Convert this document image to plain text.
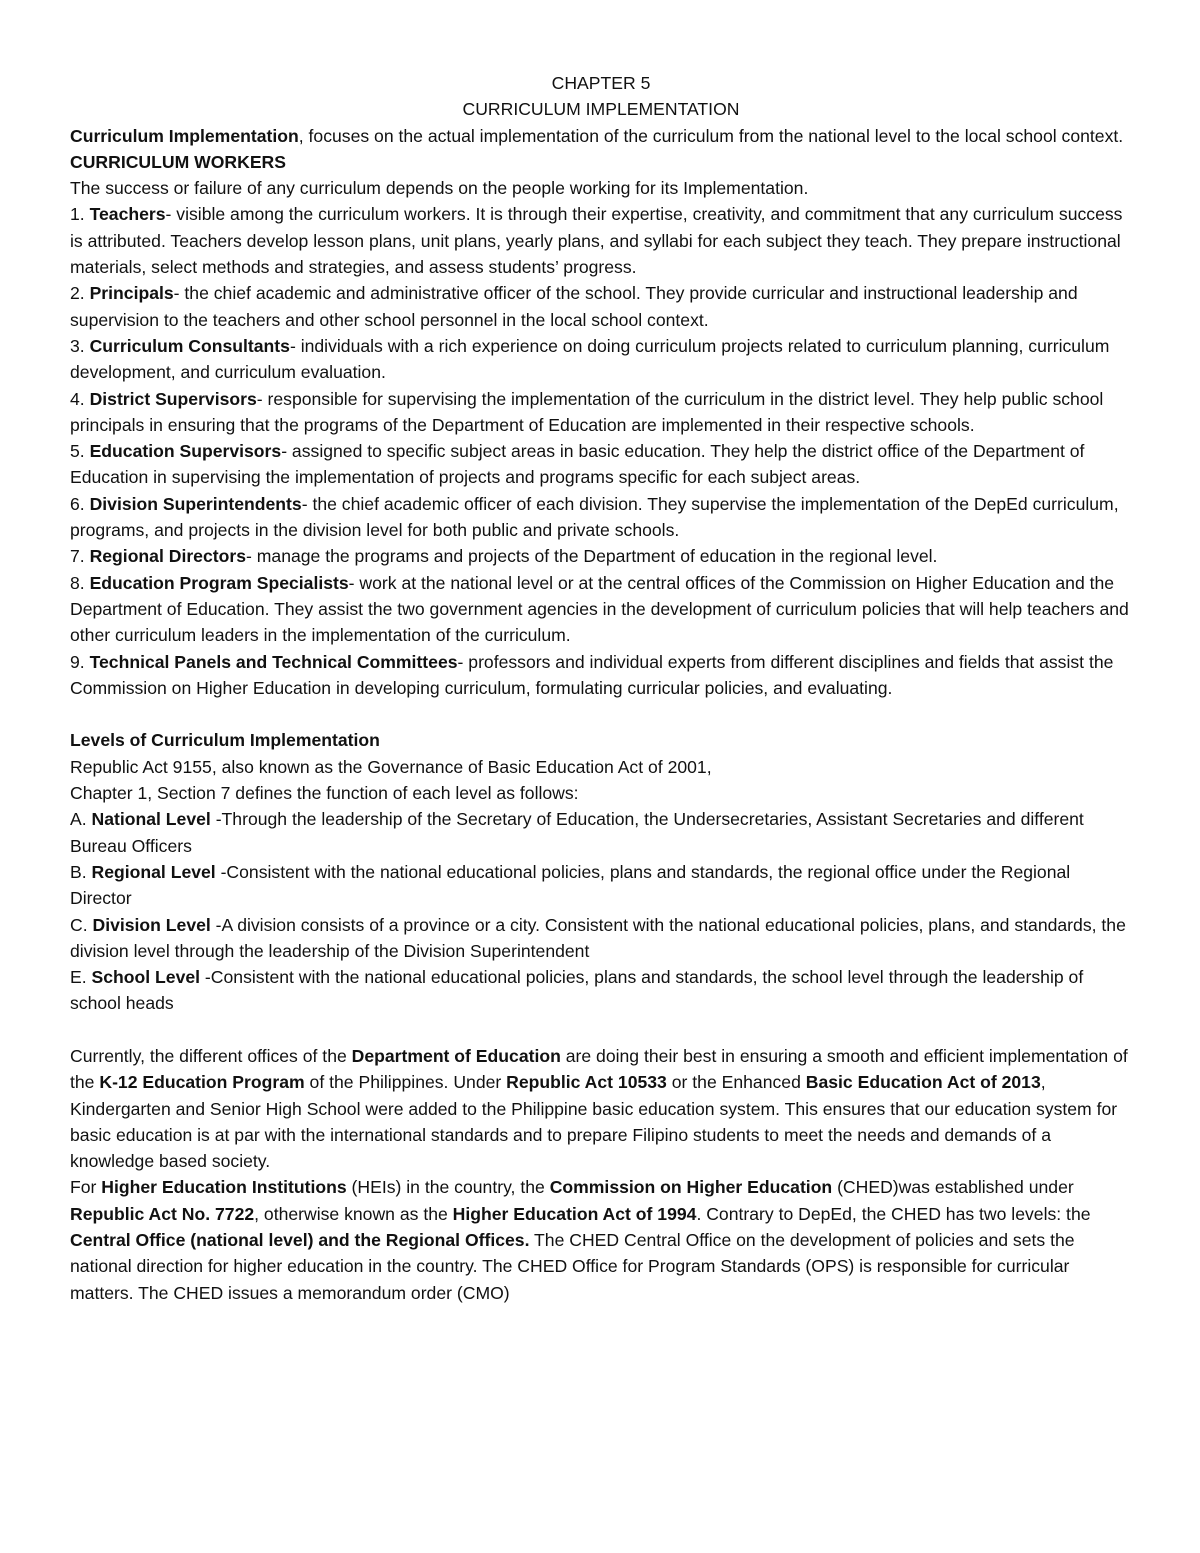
CHAPTER 5
CURRICULUM IMPLEMENTATION
Curriculum Implementation, focuses on the actual implementation of the curriculum from the national level to the local school context.
CURRICULUM WORKERS
The success or failure of any curriculum depends on the people working for its Implementation.
1. Teachers- visible among the curriculum workers. It is through their expertise, creativity, and commitment that any curriculum success is attributed. Teachers develop lesson plans, unit plans, yearly plans, and syllabi for each subject they teach. They prepare instructional materials, select methods and strategies, and assess students’ progress.
2. Principals- the chief academic and administrative officer of the school. They provide curricular and instructional leadership and supervision to the teachers and other school personnel in the local school context.
3. Curriculum Consultants- individuals with a rich experience on doing curriculum projects related to curriculum planning, curriculum development, and curriculum evaluation.
4. District Supervisors- responsible for supervising the implementation of the curriculum in the district level. They help public school principals in ensuring that the programs of the Department of Education are implemented in their respective schools.
5. Education Supervisors- assigned to specific subject areas in basic education. They help the district office of the Department of Education in supervising the implementation of projects and programs specific for each subject areas.
6. Division Superintendents- the chief academic officer of each division. They supervise the implementation of the DepEd curriculum, programs, and projects in the division level for both public and private schools.
7. Regional Directors- manage the programs and projects of the Department of education in the regional level.
8. Education Program Specialists- work at the national level or at the central offices of the Commission on Higher Education and the Department of Education. They assist the two government agencies in the development of curriculum policies that will help teachers and other curriculum leaders in the implementation of the curriculum.
9. Technical Panels and Technical Committees- professors and individual experts from different disciplines and fields that assist the Commission on Higher Education in developing curriculum, formulating curricular policies, and evaluating.
Levels of Curriculum Implementation
Republic Act 9155, also known as the Governance of Basic Education Act of 2001,
Chapter 1, Section 7 defines the function of each level as follows:
A. National Level -Through the leadership of the Secretary of Education, the Undersecretaries, Assistant Secretaries and different Bureau Officers
B. Regional Level -Consistent with the national educational policies, plans and standards, the regional office under the Regional Director
C. Division Level -A division consists of a province or a city. Consistent with the national educational policies, plans, and standards, the division level through the leadership of the Division Superintendent
E. School Level -Consistent with the national educational policies, plans and standards, the school level through the leadership of school heads
Currently, the different offices of the Department of Education are doing their best in ensuring a smooth and efficient implementation of the K-12 Education Program of the Philippines. Under Republic Act 10533 or the Enhanced Basic Education Act of 2013, Kindergarten and Senior High School were added to the Philippine basic education system. This ensures that our education system for basic education is at par with the international standards and to prepare Filipino students to meet the needs and demands of a knowledge based society.
For Higher Education Institutions (HEIs) in the country, the Commission on Higher Education (CHED)was established under Republic Act No. 7722, otherwise known as the Higher Education Act of 1994. Contrary to DepEd, the CHED has two levels: the Central Office (national level) and the Regional Offices. The CHED Central Office on the development of policies and sets the national direction for higher education in the country. The CHED Office for Program Standards (OPS) is responsible for curricular matters. The CHED issues a memorandum order (CMO)
